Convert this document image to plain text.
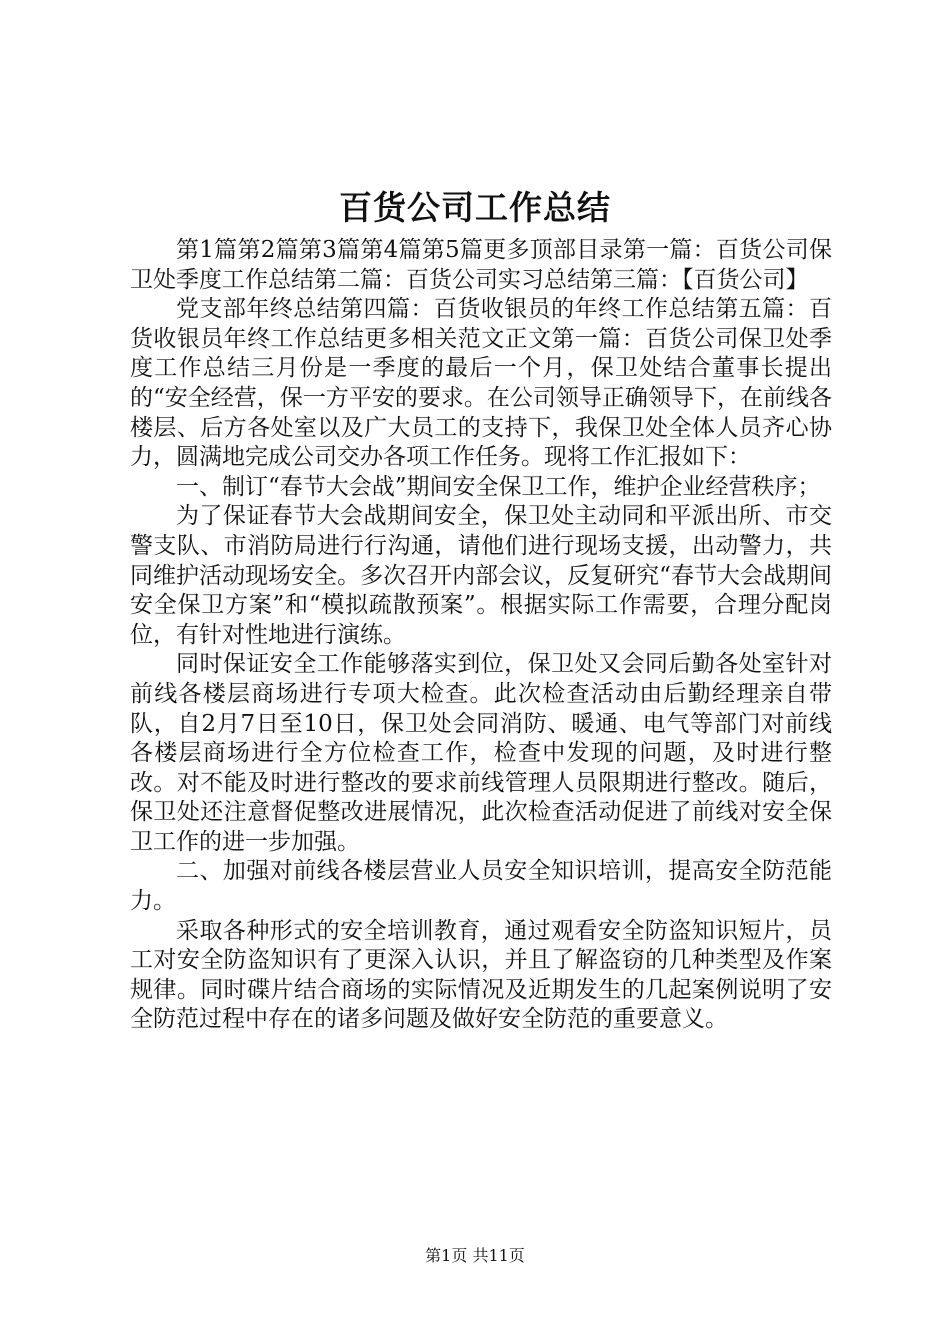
百货公司工作总结

第1篇第2篇第3篇第4篇第5篇更多顶部目录第一篇：百货公司保卫处季度工作总结第二篇：百货公司实习总结第三篇：【百货公司】

党支部年终总结第四篇：百货收银员的年终工作总结第五篇：百货收银员年终工作总结更多相关范文正文第一篇：百货公司保卫处季度工作总结三月份是一季度的最后一个月，保卫处结合董事长提出的“安全经营，保一方平安的要求。在公司领导正确领导下，在前线各楼层、后方各处室以及广大员工的支持下，我保卫处全体人员齐心协力，圆满地完成公司交办各项工作任务。现将工作汇报如下：

一、制订“春节大会战”期间安全保卫工作，维护企业经营秩序；

为了保证春节大会战期间安全，保卫处主动同和平派出所、市交警支队、市消防局进行行沟通，请他们进行现场支援，出动警力，共同维护活动现场安全。多次召开内部会议，反复研究“春节大会战期间安全保卫方案”和“模拟疏散预案”。根据实际工作需要，合理分配岗位，有针对性地进行演练。

同时保证安全工作能够落实到位，保卫处又会同后勤各处室针对前线各楼层商场进行专项大检查。此次检查活动由后勤经理亲自带队，自2月7日至10日，保卫处会同消防、暖通、电气等部门对前线各楼层商场进行全方位检查工作，检查中发现的问题，及时进行整改。对不能及时进行整改的要求前线管理人员限期进行整改。随后，保卫处还注意督促整改进展情况，此次检查活动促进了前线对安全保卫工作的进一步加强。

二、加强对前线各楼层营业人员安全知识培训，提高安全防范能力。

采取各种形式的安全培训教育，通过观看安全防盗知识短片，员工对安全防盗知识有了更深入认识，并且了解盗窃的几种类型及作案规律。同时碟片结合商场的实际情况及近期发生的几起案例说明了安全防范过程中存在的诸多问题及做好安全防范的重要意义。

第1页 共11页
